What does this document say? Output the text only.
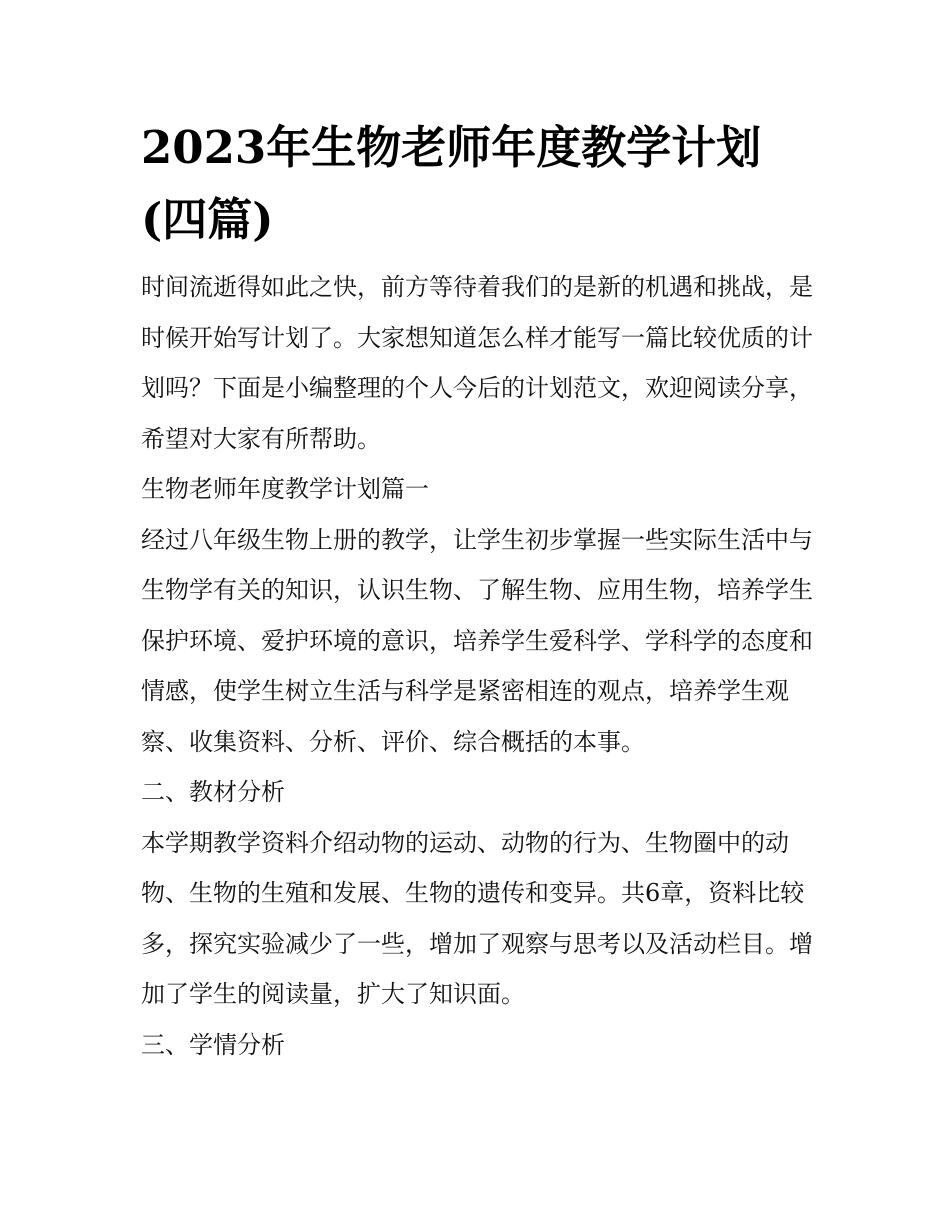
2023年生物老师年度教学计划(四篇)

时间流逝得如此之快，前方等待着我们的是新的机遇和挑战，是时候开始写计划了。大家想知道怎么样才能写一篇比较优质的计划吗？下面是小编整理的个人今后的计划范文，欢迎阅读分享，希望对大家有所帮助。

生物老师年度教学计划篇一

经过八年级生物上册的教学，让学生初步掌握一些实际生活中与生物学有关的知识，认识生物、了解生物、应用生物，培养学生保护环境、爱护环境的意识，培养学生爱科学、学科学的态度和情感，使学生树立生活与科学是紧密相连的观点，培养学生观察、收集资料、分析、评价、综合概括的本事。

二、教材分析

本学期教学资料介绍动物的运动、动物的行为、生物圈中的动物、生物的生殖和发展、生物的遗传和变异。共6章，资料比较多，探究实验减少了一些，增加了观察与思考以及活动栏目。增加了学生的阅读量，扩大了知识面。

三、学情分析
